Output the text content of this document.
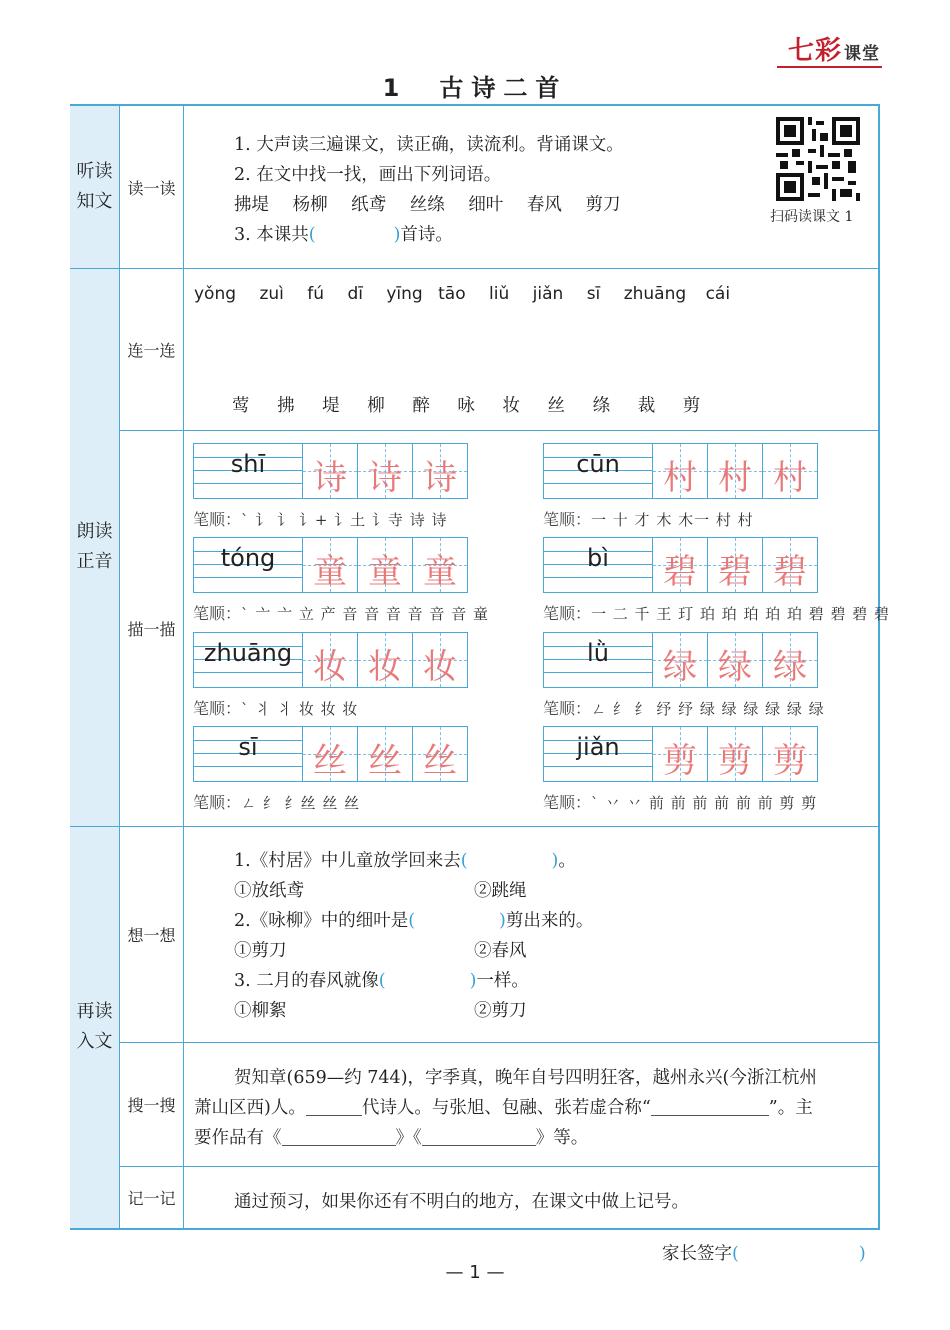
七彩 课堂
1　古诗二首
听读
知文
朗读
正音
再读
入文
读一读
连一连
描一描
想一想
搜一搜
记一记
1. 大声读三遍课文，读正确，读流利。背诵课文。
2. 在文中找一找，画出下列词语。
拂堤 杨柳 纸鸢 丝绦 细叶 春风 剪刀
3. 本课共(	)首诗。
扫码读课文 1
yǒng zuì fú dī yīng tāo liǔ jiǎn sī zhuāng cái
莺 拂 堤 柳 醉 咏 妆 丝 绦 裁 剪
shī	诗 诗 诗
笔顺：` 讠 讠 讠+ 讠土 讠寺 诗 诗
cūn	村 村 村
笔顺：一 十 才 木 木一 村 村
tóng	童 童 童
笔顺：` 亠 亠 立 产 音 音 音 音 音 音 童
bì	碧 碧 碧
笔顺：一 二 千 王 玎 珀 珀 珀 珀 珀 碧 碧 碧 碧
zhuāng 妆 妆 妆
笔顺：` 丬 丬 妆 妆 妆
lǜ	绿 绿 绿
笔顺：ㄥ 纟 纟 纾 纾 绿 绿 绿 绿 绿 绿
sī	丝 丝 丝
笔顺：ㄥ 纟 纟丝 丝 丝
jiǎn	剪 剪 剪
笔顺：` 丷 丷 前 前 前 前 前 前 剪 剪
1.《村居》中儿童放学回来去(	)。
①放纸鸢	②跳绳
2.《咏柳》中的细叶是(	)剪出来的。
①剪刀	②春风
3. 二月的春风就像(	)一样。
①柳絮	②剪刀
贺知章(659—约 744)，字季真，晚年自号四明狂客，越州永兴(今浙江杭州
萧山区西)人。	代诗人。与张旭、包融、张若虚合称“	”。主
要作品有《	》《	》等。
通过预习，如果你还有不明白的地方，在课文中做上记号。
家长签字(	)
— 1 —
